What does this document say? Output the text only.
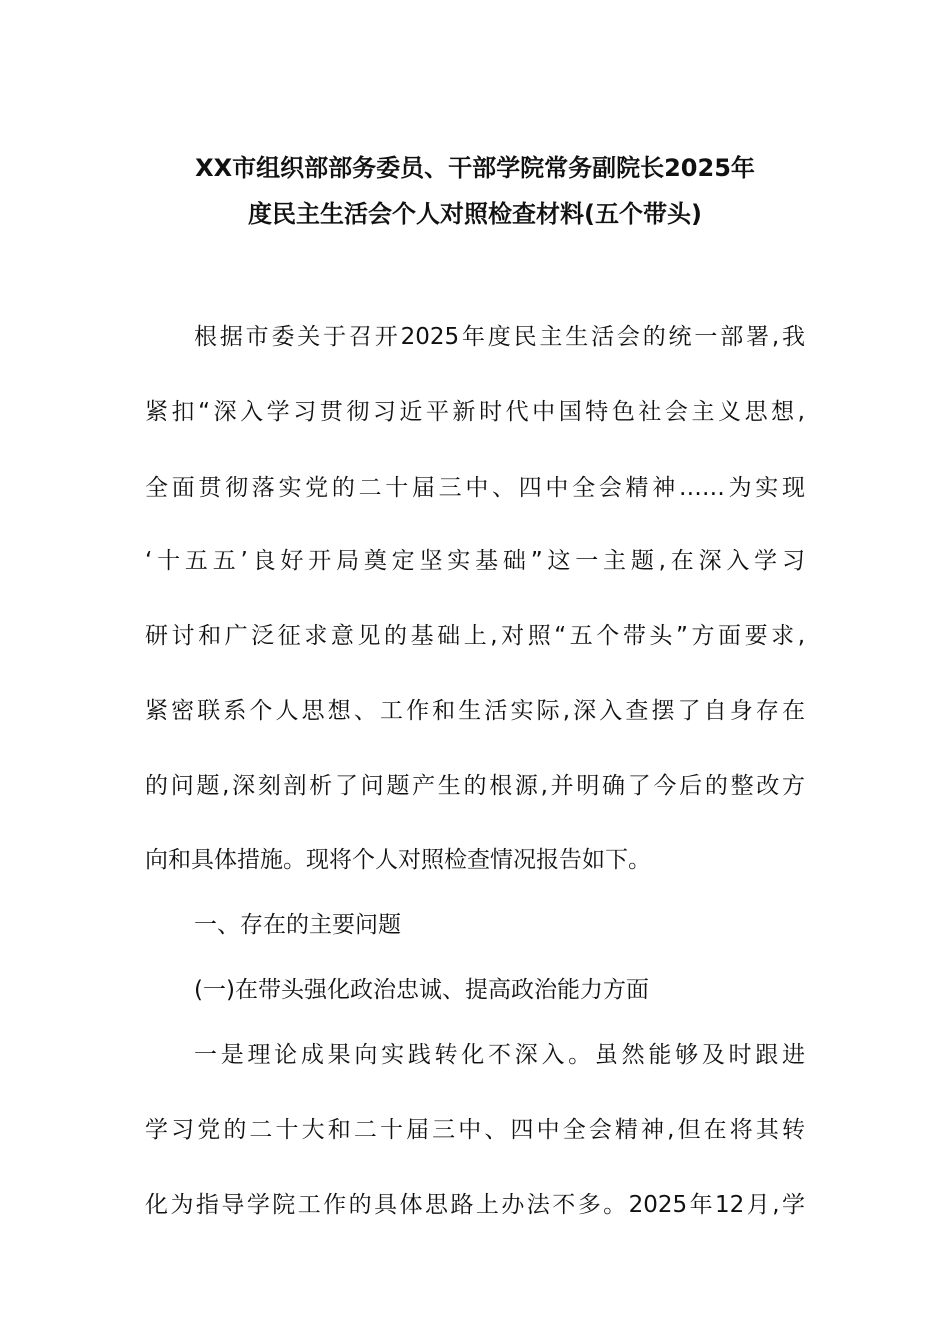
XX市组织部部务委员、干部学院常务副院长2025年
度民主生活会个人对照检查材料(五个带头)
根据市委关于召开2025年度民主生活会的统一部署,我
紧扣“深入学习贯彻习近平新时代中国特色社会主义思想,
全面贯彻落实党的二十届三中、四中全会精神……为实现
‘十五五’良好开局奠定坚实基础”这一主题,在深入学习
研讨和广泛征求意见的基础上,对照“五个带头”方面要求,
紧密联系个人思想、工作和生活实际,深入查摆了自身存在
的问题,深刻剖析了问题产生的根源,并明确了今后的整改方
向和具体措施。现将个人对照检查情况报告如下。
一、存在的主要问题
(一)在带头强化政治忠诚、提高政治能力方面
一是理论成果向实践转化不深入。虽然能够及时跟进
学习党的二十大和二十届三中、四中全会精神,但在将其转
化为指导学院工作的具体思路上办法不多。2025年12月,学
